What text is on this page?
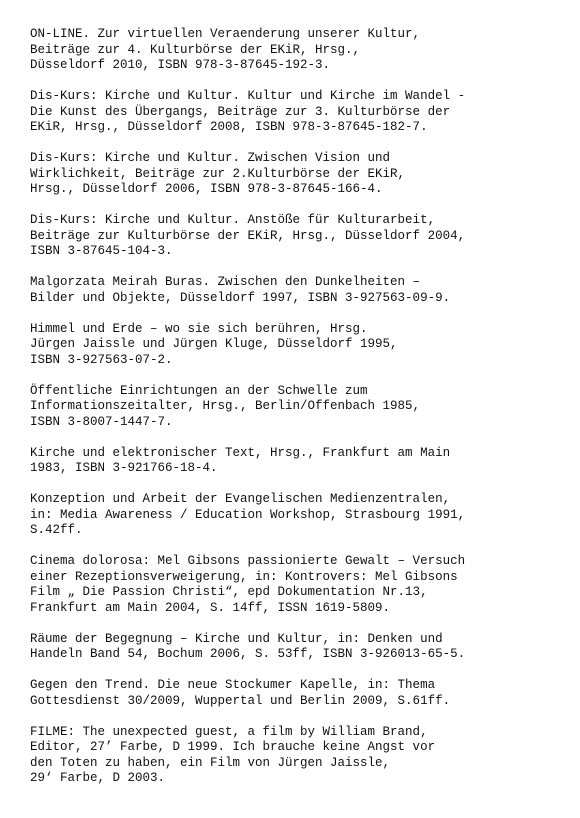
ON-LINE. Zur virtuellen Veraenderung unserer Kultur,
Beiträge zur 4. Kulturbörse der EKiR, Hrsg.,
Düsseldorf 2010, ISBN 978-3-87645-192-3.
Dis-Kurs: Kirche und Kultur. Kultur und Kirche im Wandel -
Die Kunst des Übergangs, Beiträge zur 3. Kulturbörse der
EKiR, Hrsg., Düsseldorf 2008, ISBN 978-3-87645-182-7.
Dis-Kurs: Kirche und Kultur. Zwischen Vision und
Wirklichkeit, Beiträge zur 2.Kulturbörse der EKiR,
Hrsg., Düsseldorf 2006, ISBN 978-3-87645-166-4.
Dis-Kurs: Kirche und Kultur. Anstöße für Kulturarbeit,
Beiträge zur Kulturbörse der EKiR, Hrsg., Düsseldorf 2004,
ISBN 3-87645-104-3.
Malgorzata Meirah Buras. Zwischen den Dunkelheiten –
Bilder und Objekte, Düsseldorf 1997, ISBN 3-927563-09-9.
Himmel und Erde – wo sie sich berühren, Hrsg.
Jürgen Jaissle und Jürgen Kluge, Düsseldorf 1995,
ISBN 3-927563-07-2.
Öffentliche Einrichtungen an der Schwelle zum
Informationszeitalter, Hrsg., Berlin/Offenbach 1985,
ISBN 3-8007-1447-7.
Kirche und elektronischer Text, Hrsg., Frankfurt am Main
1983, ISBN 3-921766-18-4.
Konzeption und Arbeit der Evangelischen Medienzentralen,
in: Media Awareness / Education Workshop, Strasbourg 1991,
S.42ff.
Cinema dolorosa: Mel Gibsons passionierte Gewalt – Versuch
einer Rezeptionsverweigerung, in: Kontrovers: Mel Gibsons
Film „ Die Passion Christi“, epd Dokumentation Nr.13,
Frankfurt am Main 2004, S. 14ff, ISSN 1619-5809.
Räume der Begegnung – Kirche und Kultur, in: Denken und
Handeln Band 54, Bochum 2006, S. 53ff, ISBN 3-926013-65-5.
Gegen den Trend. Die neue Stockumer Kapelle, in: Thema
Gottesdienst 30/2009, Wuppertal und Berlin 2009, S.61ff.
FILME: The unexpected guest, a film by William Brand,
Editor, 27’ Farbe, D 1999. Ich brauche keine Angst vor
den Toten zu haben, ein Film von Jürgen Jaissle,
29‘ Farbe, D 2003.
